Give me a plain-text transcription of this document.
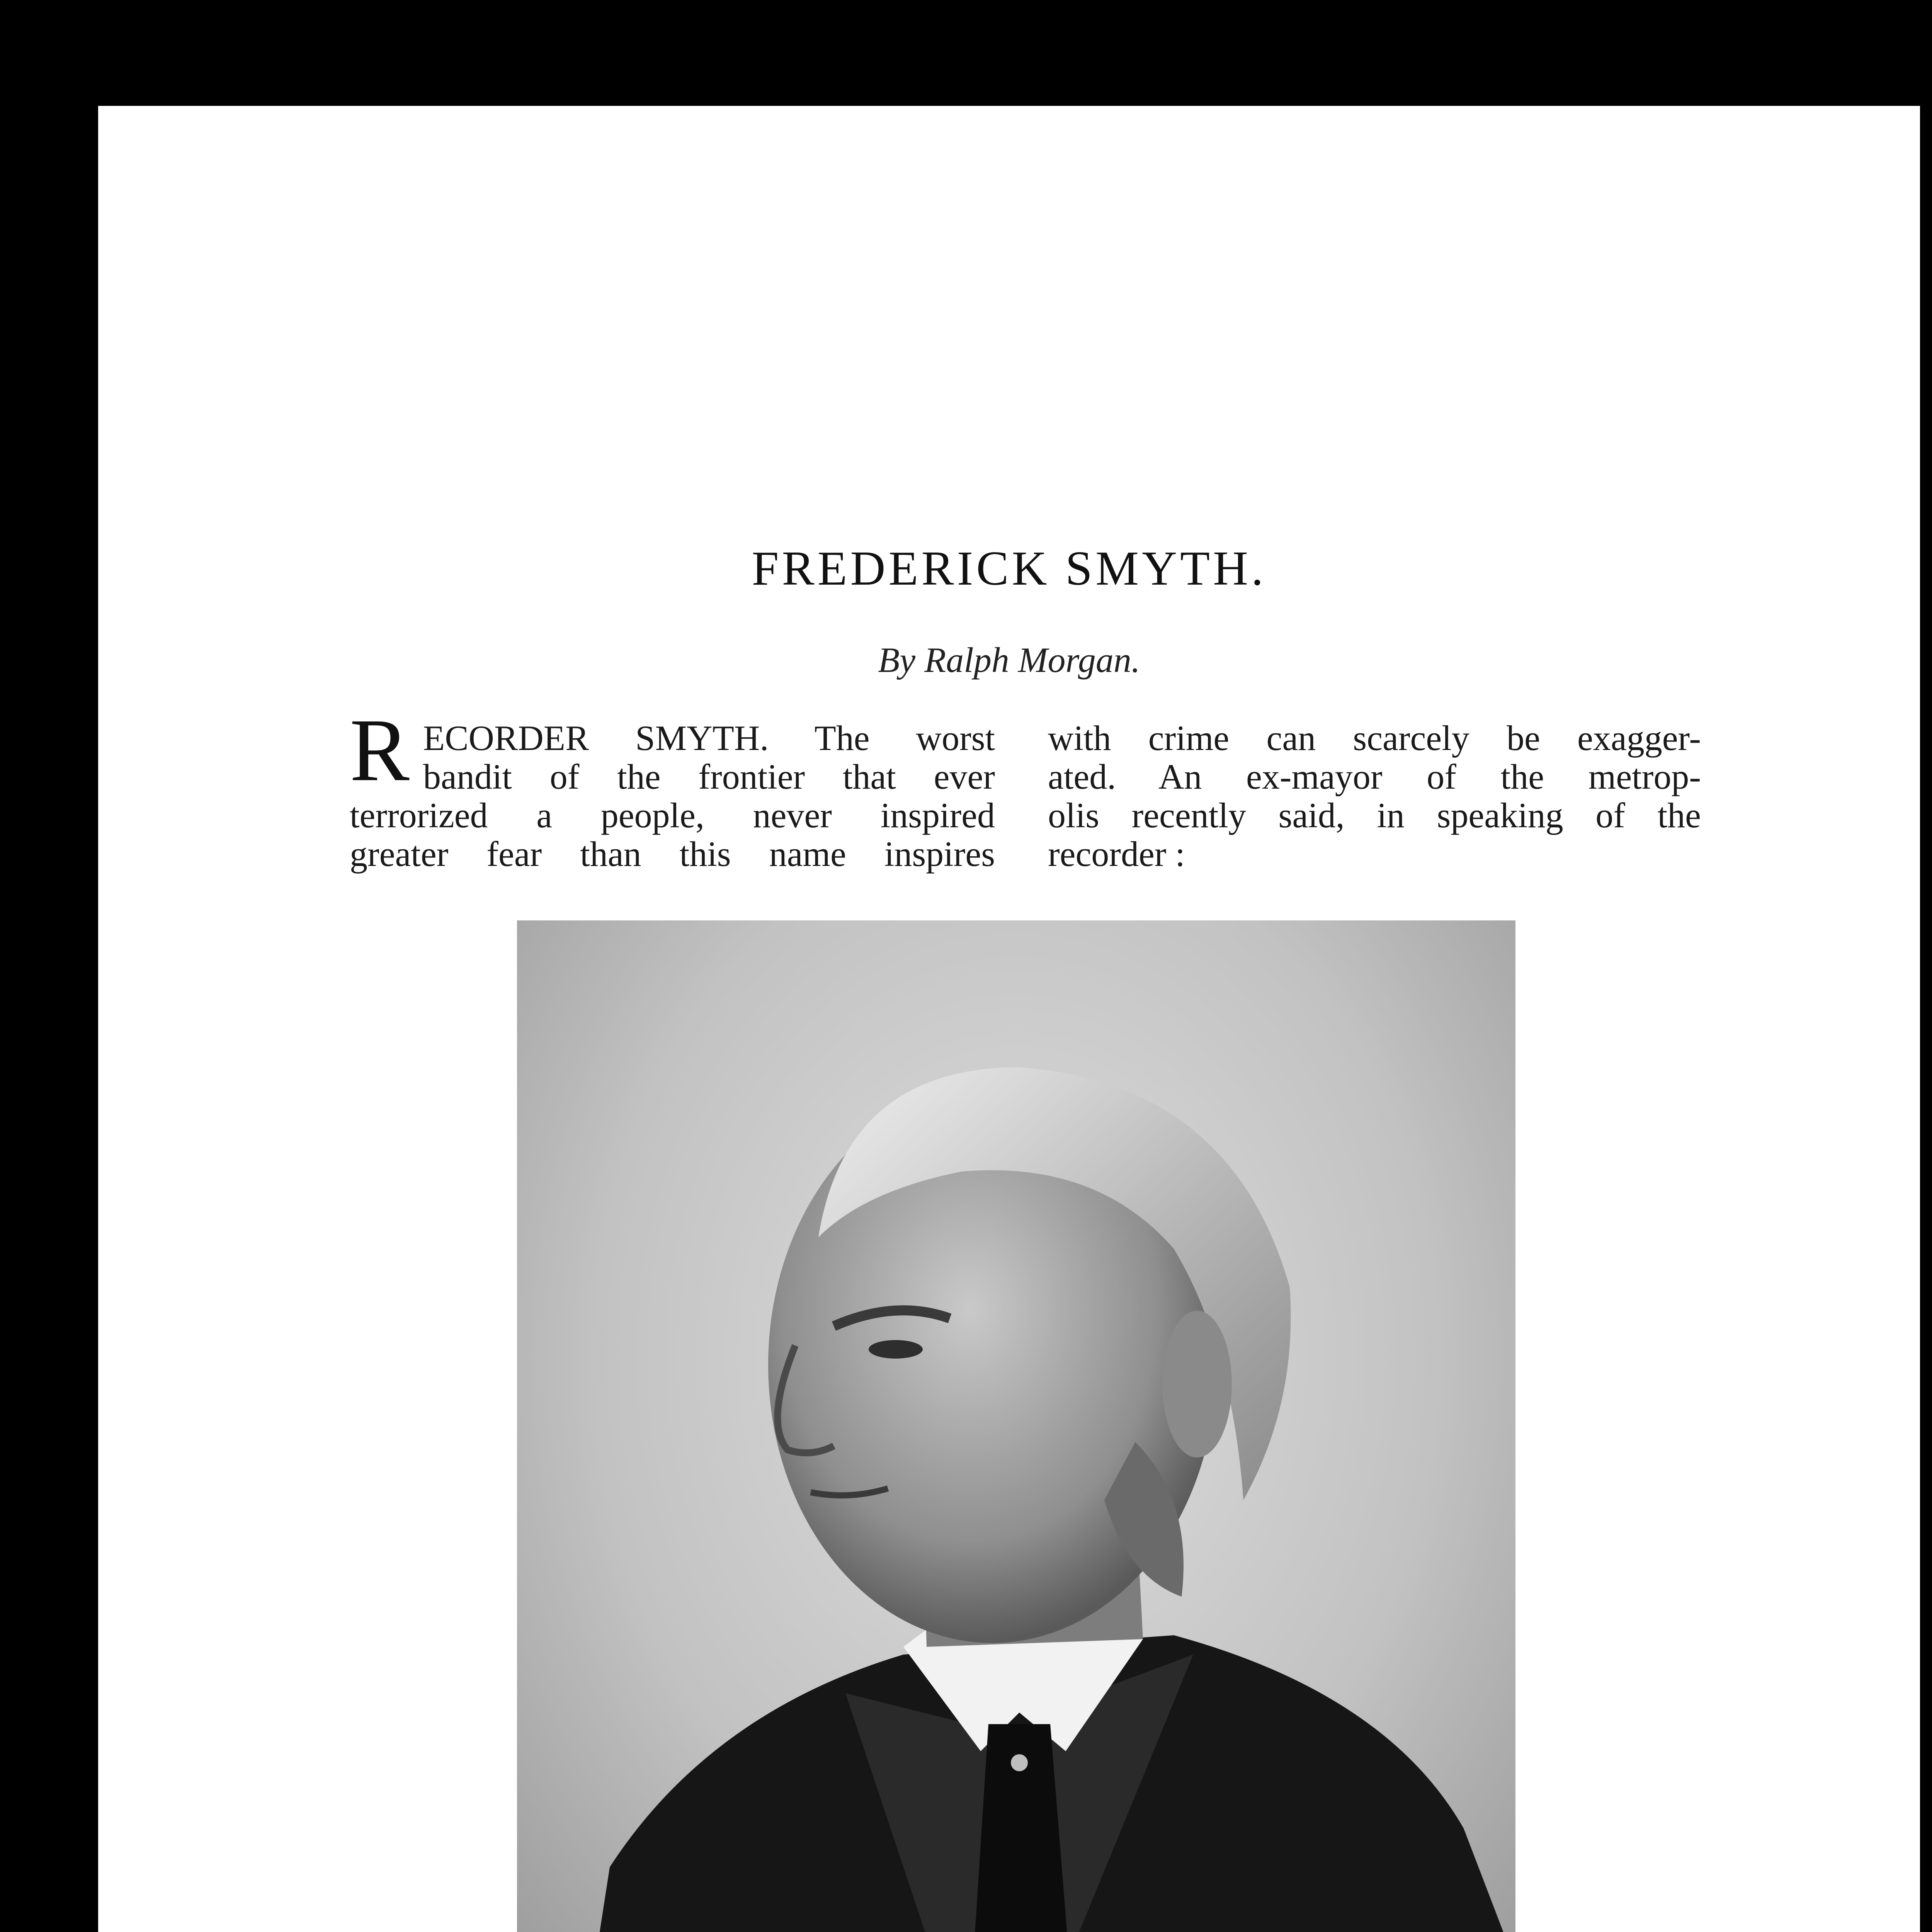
FREDERICK SMYTH.
By Ralph Morgan.
R ECORDER SMYTH. The worst
bandit of the frontier that ever
terrorized a people, never inspired
greater fear than this name inspires
with crime can scarcely be exagger-
ated. An ex-mayor of the metrop-
olis recently said, in speaking of the
recorder :
